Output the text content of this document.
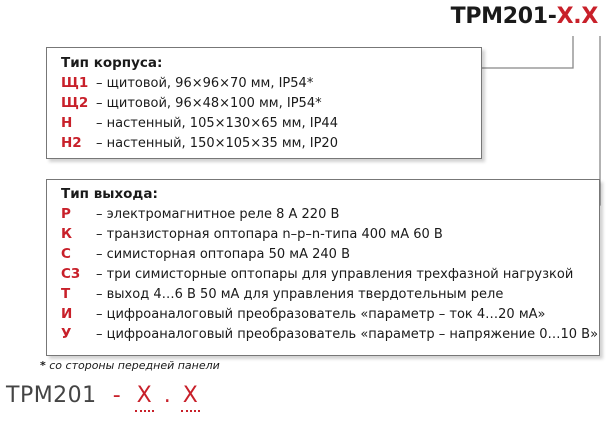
ТРМ201-Х.Х
Тип корпуса:
Щ1 – щитовой, 96×96×70 мм, IP54*
Щ2 – щитовой, 96×48×100 мм, IP54*
Н – настенный, 105×130×65 мм, IP44
Н2 – настенный, 150×105×35 мм, IP20
Тип выхода:
Р – электромагнитное реле 8 А 220 В
К – транзисторная оптопара n–p–n-типа 400 мА 60 В
С – симисторная оптопара 50 мА 240 В
С3 – три симисторные оптопары для управления трехфазной нагрузкой
Т – выход 4…6 В 50 мА для управления твердотельным реле
И – цифроаналоговый преобразователь «параметр – ток 4…20 мА»
У – цифроаналоговый преобразователь «параметр – напряжение 0…10 В»
* со стороны передней панели
ТРМ201 - Х . Х
